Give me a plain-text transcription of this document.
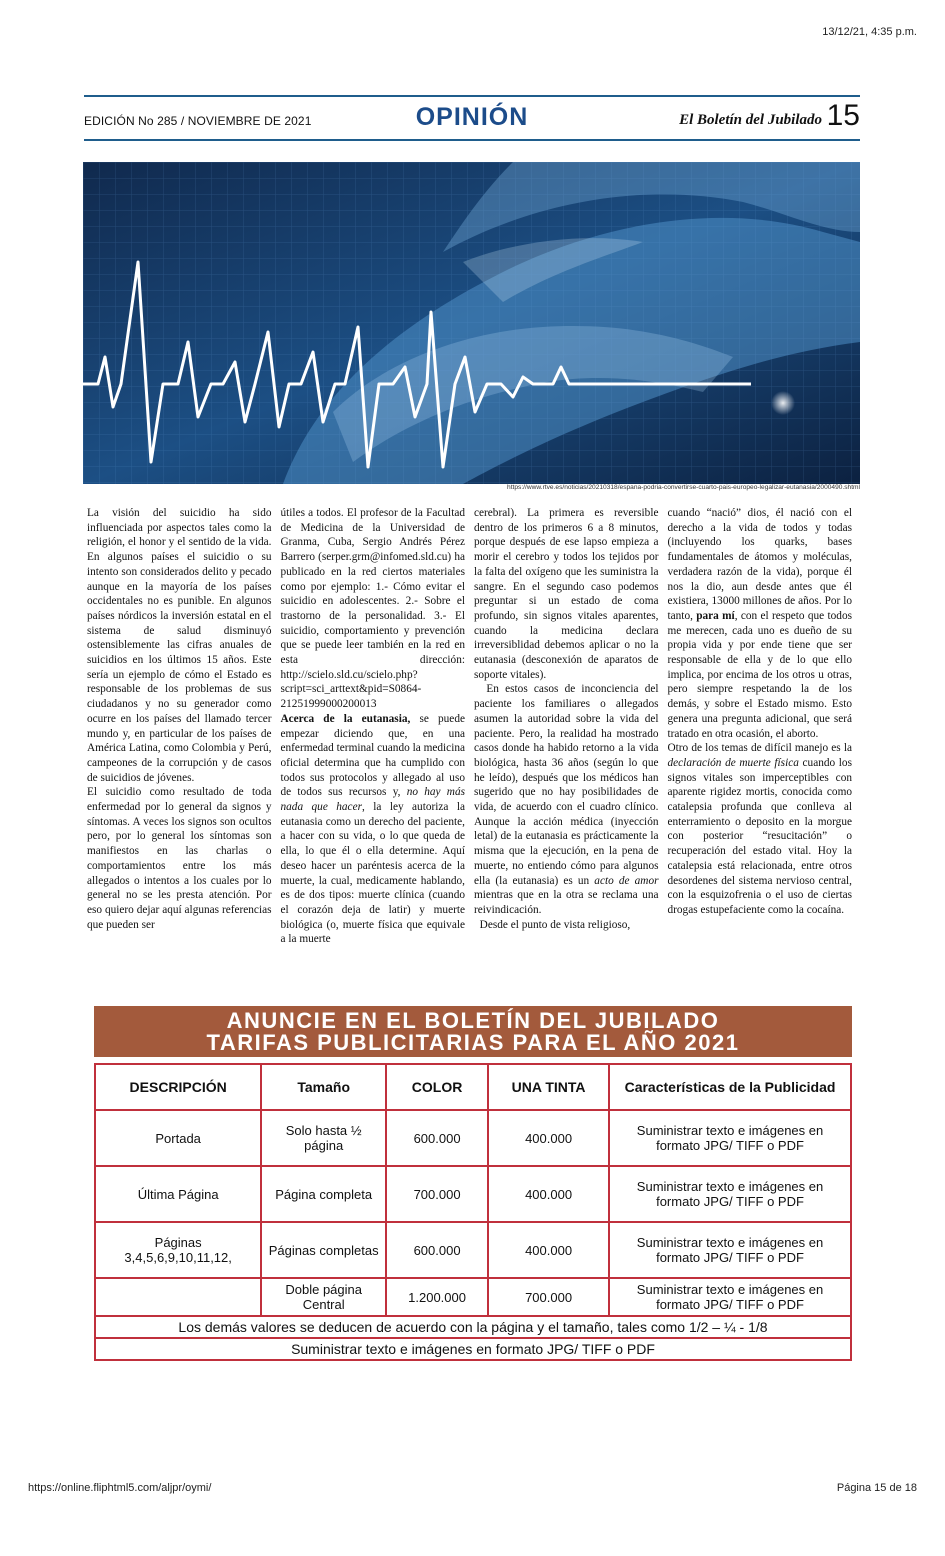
13/12/21, 4:35 p.m.
EDICIÓN No 285 / NOVIEMBRE DE 2021	OPINIÓN	El Boletín del Jubilado 15
https://www.rtve.es/noticias/20210318/espana-podria-convertirse-cuarto-pais-europeo-legalizar-eutanasia/2000490.shtml

La visión del suicidio ha sido influenciada por aspectos tales como la religión, el honor y el sentido de la vida. En algunos países el suicidio o su intento son considerados delito y pecado aunque en la mayoría de los países occidentales no es punible. En algunos países nórdicos la inversión estatal en el sistema de salud disminuyó ostensiblemente las cifras anuales de suicidios en los últimos 15 años. Este sería un ejemplo de cómo el Estado es responsable de los problemas de sus ciudadanos y no su generador como ocurre en los países del llamado tercer mundo y, en particular de los países de América Latina, como Colombia y Perú, campeones de la corrupción y de casos de suicidios de jóvenes.

El suicidio como resultado de toda enfermedad por lo general da signos y síntomas. A veces los signos son ocultos pero, por lo general los síntomas son manifiestos en las charlas o comportamientos entre los más allegados o intentos a los cuales por lo general no se les presta atención. Por eso quiero dejar aquí algunas referencias que pueden ser

útiles a todos. El profesor de la Facultad de Medicina de la Universidad de Granma, Cuba, Sergio Andrés Pérez Barrero (serper.grm@infomed.sld.cu) ha publicado en la red ciertos materiales como por ejemplo: 1.- Cómo evitar el suicidio en adolescentes. 2.- Sobre el trastorno de la personalidad. 3.- El suicidio, comportamiento y prevención que se puede leer también en la red en esta dirección: http://scielo.sld.cu/scielo.php?script=sci_arttext&pid=S0864-21251999000200013

Acerca de la eutanasia, se puede empezar diciendo que, en una enfermedad terminal cuando la medicina oficial determina que ha cumplido con todos sus protocolos y allegado al uso de todos sus recursos y, no hay más nada que hacer, la ley autoriza la eutanasia como un derecho del paciente, a hacer con su vida, o lo que queda de ella, lo que él o ella determine. Aquí deseo hacer un paréntesis acerca de la muerte, la cual, medicamente hablando, es de dos tipos: muerte clínica (cuando el corazón deja de latir) y muerte biológica (o, muerte física que equivale a la muerte

cerebral). La primera es reversible dentro de los primeros 6 a 8 minutos, porque después de ese lapso empieza a morir el cerebro y todos los tejidos por la falta del oxígeno que les suministra la sangre. En el segundo caso podemos preguntar si un estado de coma profundo, sin signos vitales aparentes, cuando la medicina declara irreversiblidad debemos aplicar o no la eutanasia (desconexión de aparatos de soporte vitales).

En estos casos de inconciencia del paciente los familiares o allegados asumen la autoridad sobre la vida del paciente. Pero, la realidad ha mostrado casos donde ha habido retorno a la vida biológica, hasta 36 años (según lo que he leído), después que los médicos han sugerido que no hay posibilidades de vida, de acuerdo con el cuadro clínico. Aunque la acción médica (inyección letal) de la eutanasia es prácticamente la misma que la ejecución, en la pena de muerte, no entiendo cómo para algunos ella (la eutanasia) es un acto de amor mientras que en la otra se reclama una reivindicación.

Desde el punto de vista religioso,

cuando “nació” dios, él nació con el derecho a la vida de todos y todas (incluyendo los quarks, bases fundamentales de átomos y moléculas, verdadera razón de la vida), porque él nos la dio, aun desde antes que él existiera, 13000 millones de años. Por lo tanto, para mí, con el respeto que todos me merecen, cada uno es dueño de su propia vida y por ende tiene que ser responsable de ella y de lo que ello implica, por encima de los otros u otras, pero siempre respetando la de los demás, y sobre el Estado mismo. Esto genera una pregunta adicional, que será tratado en otra ocasión, el aborto.

Otro de los temas de difícil manejo es la declaración de muerte física cuando los signos vitales son imperceptibles con aparente rigidez mortis, conocida como catalepsia profunda que conlleva al enterramiento o deposito en la morgue con posterior “resucitación” o recuperación del estado vital. Hoy la catalepsia está relacionada, entre otros desordenes del sistema nervioso central, con la esquizofrenia o el uso de ciertas drogas estupefaciente como la cocaína.

ANUNCIE EN EL BOLETÍN DEL JUBILADO
TARIFAS PUBLICITARIAS PARA EL AÑO 2021
DESCRIPCIÓN	Tamaño	COLOR	UNA TINTA	Características de la Publicidad
Portada	Solo hasta ½ página	600.000	400.000	Suministrar texto e imágenes en formato JPG/ TIFF o PDF
Última Página	Página completa	700.000	400.000	Suministrar texto e imágenes en formato JPG/ TIFF o PDF
Páginas 3,4,5,6,9,10,11,12,	Páginas completas	600.000	400.000	Suministrar texto e imágenes en formato JPG/ TIFF o PDF
	Doble página Central	1.200.000	700.000	Suministrar texto e imágenes en formato JPG/ TIFF o PDF
Los demás valores se deducen de acuerdo con la página y el tamaño, tales como 1/2 – ¼ - 1/8				
Suministrar texto e imágenes en formato JPG/ TIFF o PDF				
https://online.fliphtml5.com/aljpr/oymi/	Página 15 de 18
